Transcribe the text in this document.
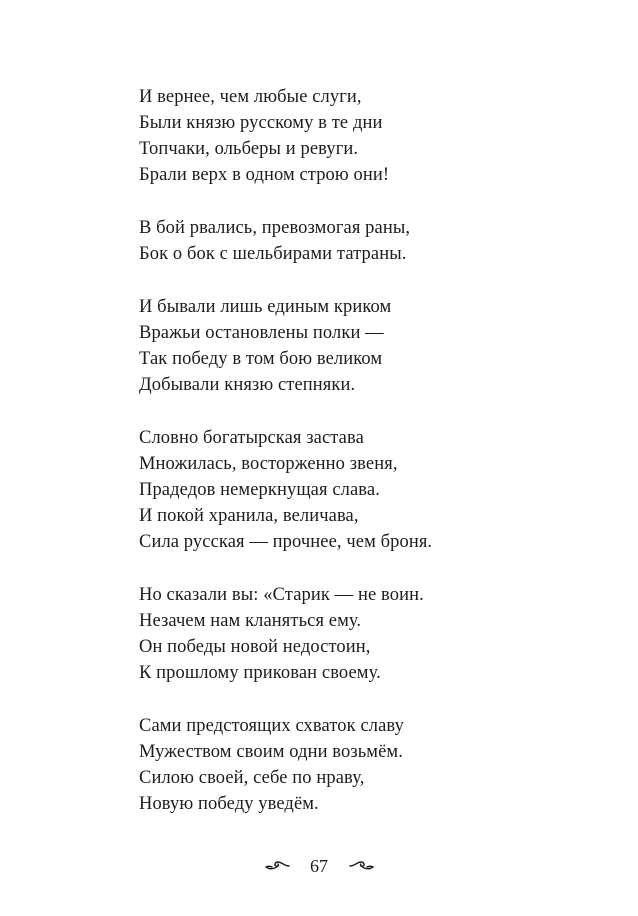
И вернее, чем любые слуги,
Были князю русскому в те дни
Топчаки, ольберы и ревуги.
Брали верх в одном строю они!
В бой рвались, превозмогая раны,
Бок о бок с шельбирами татраны.
И бывали лишь единым криком
Вражьи остановлены полки —
Так победу в том бою великом
Добывали князю степняки.
Словно богатырская застава
Множилась, восторженно звеня,
Прадедов немеркнущая слава.
И покой хранила, величава,
Сила русская — прочнее, чем броня.
Но сказали вы: «Старик — не воин.
Незачем нам кланяться ему.
Он победы новой недостоин,
К прошлому прикован своему.
Сами предстоящих схваток славу
Мужеством своим одни возьмём.
Силою своей, себе по нраву,
Новую победу уведём.
67
